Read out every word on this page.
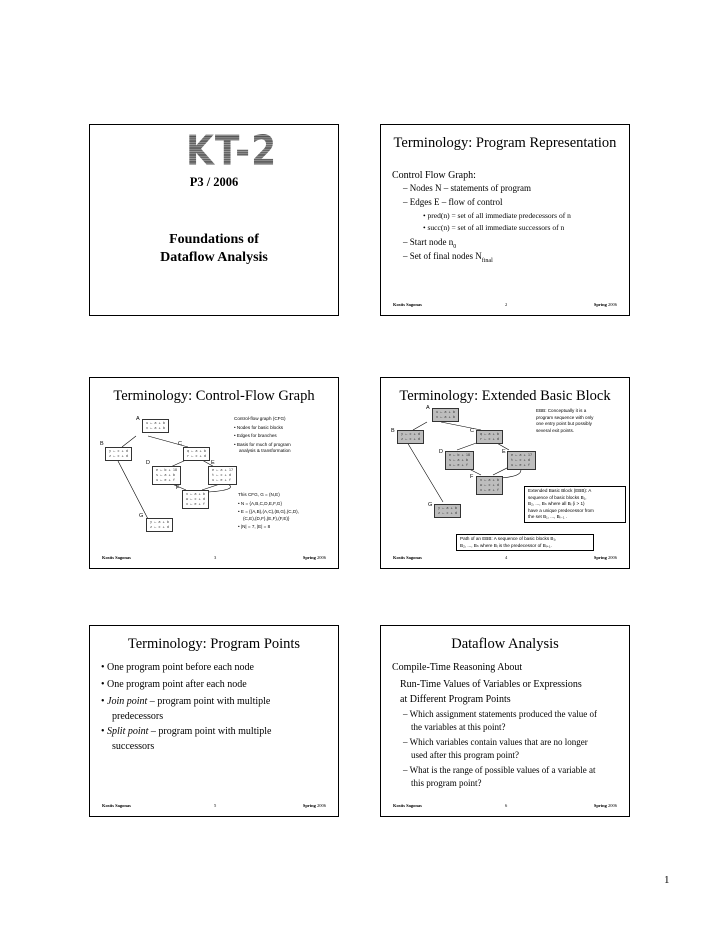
KT-2
P3 / 2006
Foundations of
Dataflow Analysis
Terminology: Program Representation
Control Flow Graph:
– Nodes N – statements of program
– Edges E – flow of control
• pred(n) = set of all immediate predecessors of n
• succ(n) = set of all immediate successors of n
– Start node $n_0$
– Set of final nodes $N_{final}$
Kostis Sagonas	2	Spring 2006
Terminology: Control-Flow Graph
A
u ← a + b
v ← a + b
B
y ← c + d
z ← c + d
C
q ← a + b
r ← c + d
D
e ← b + 18
s ← a + b
u ← e + f
E
e ← a + 17
t ← c + d
u ← e + f
F
v ← a + b
w ← c + d
x ← e + f
G
y ← a + b
z ← c + d
Control-flow graph (CFG)
• Nodes for basic blocks
• Edges for branches
• Basis for much of program
analysis & transformation
This CFG, G = (N,E)
• N = {A,B,C,D,E,F,G}
• E = {(A,B),(A,C),(B,G),(C,D),
(C,E),(D,F),(E,F),(F,E)}
• |N| = 7, |E| = 8
Kostis Sagonas	3	Spring 2006
Terminology: Extended Basic Block
A
u ← a + b
v ← a + b
B y ← c + d
z ← c + d
C q ← a + b
r ← c + d
D e ← b + 18
s ← a + b
u ← e + f
E e ← a + 17
t ← c + d
u ← e + f
F v ← a + b
w ← c + d
x ← e + f
G y ← a + b
z ← c + d
EBB: Conceptually it is a
program sequence with only
one entry point but possibly
several exit points.
Extended Basic Block (EBB): A
sequence of basic blocks B₁,
B₂, ..., Bₙ where all Bᵢ (i > 1)
have a unique predecessor from
the set B₁, ..., Bᵢ₋₁ .
Path of an EBB: A sequence of basic blocks B₁,
B₂, ..., Bₙ where Bᵢ is the predecessor of Bᵢ₊₁.
Kostis Sagonas	4	Spring 2006
Terminology: Program Points
• One program point before each node
• One program point after each node
• Join point – program point with multiple
predecessors
• Split point – program point with multiple
successors
Kostis Sagonas	5	Spring 2006
Dataflow Analysis
Compile-Time Reasoning About
Run-Time Values of Variables or Expressions
at Different Program Points
– Which assignment statements produced the value of
the variables at this point?
– Which variables contain values that are no longer
used after this program point?
– What is the range of possible values of a variable at
this program point?
Kostis Sagonas	6	Spring 2006
1
